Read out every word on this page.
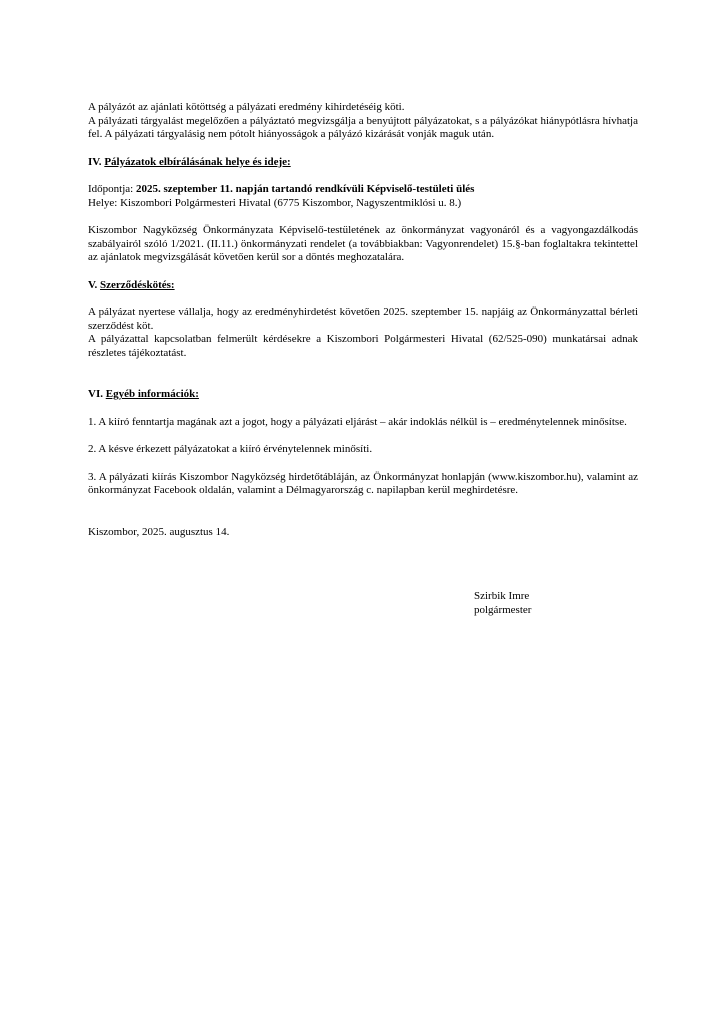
A pályázót az ajánlati kötöttség a pályázati eredmény kihirdetéséig köti.

A pályázati tárgyalást megelőzően a pályáztató megvizsgálja a benyújtott pályázatokat, s a pályázókat hiánypótlásra hívhatja fel. A pályázati tárgyalásig nem pótolt hiányosságok a pályázó kizárását vonják maguk után.

IV. Pályázatok elbírálásának helye és ideje:

Időpontja: 2025. szeptember 11. napján tartandó rendkívüli Képviselő-testületi ülés

Helye: Kiszombori Polgármesteri Hivatal (6775 Kiszombor, Nagyszentmiklósi u. 8.)

Kiszombor Nagyközség Önkormányzata Képviselő-testületének az önkormányzat vagyonáról és a vagyongazdálkodás szabályairól szóló 1/2021. (II.11.) önkormányzati rendelet (a továbbiakban: Vagyonrendelet) 15.§-ban foglaltakra tekintettel az ajánlatok megvizsgálását követően kerül sor a döntés meghozatalára.

V. Szerződéskötés:

A pályázat nyertese vállalja, hogy az eredményhirdetést követően 2025. szeptember 15. napjáig az Önkormányzattal bérleti szerződést köt.

A pályázattal kapcsolatban felmerült kérdésekre a Kiszombori Polgármesteri Hivatal (62/525-090) munkatársai adnak részletes tájékoztatást.

VI. Egyéb információk:

1. A kiíró fenntartja magának azt a jogot, hogy a pályázati eljárást – akár indoklás nélkül is – eredménytelennek minősítse.

2. A késve érkezett pályázatokat a kiíró érvénytelennek minősíti.

3. A pályázati kiírás Kiszombor Nagyközség hirdetőtábláján, az Önkormányzat honlapján (www.kiszombor.hu), valamint az önkormányzat Facebook oldalán, valamint a Délmagyarország c. napilapban kerül meghirdetésre.

Kiszombor, 2025. augusztus 14.

Szirbik Imre

polgármester
